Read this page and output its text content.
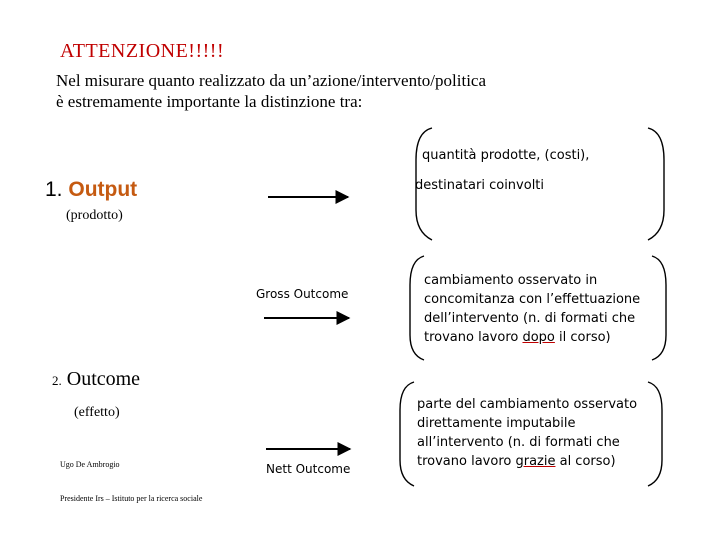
ATTENZIONE!!!!!
Nel misurare quanto realizzato da un’azione/intervento/politica
è estremamente importante la distinzione tra:
1. Output
(prodotto)
quantità prodotte, (costi),
destinatari coinvolti
Gross Outcome
cambiamento osservato in
concomitanza con l’effettuazione
dell’intervento (n. di formati che
trovano lavoro dopo il corso)
2. Outcome
(effetto)
parte del cambiamento osservato
direttamente imputabile
all’intervento (n. di formati che
trovano lavoro grazie al corso)
Nett Outcome
Ugo De Ambrogio
Presidente Irs – Istituto per la ricerca sociale
